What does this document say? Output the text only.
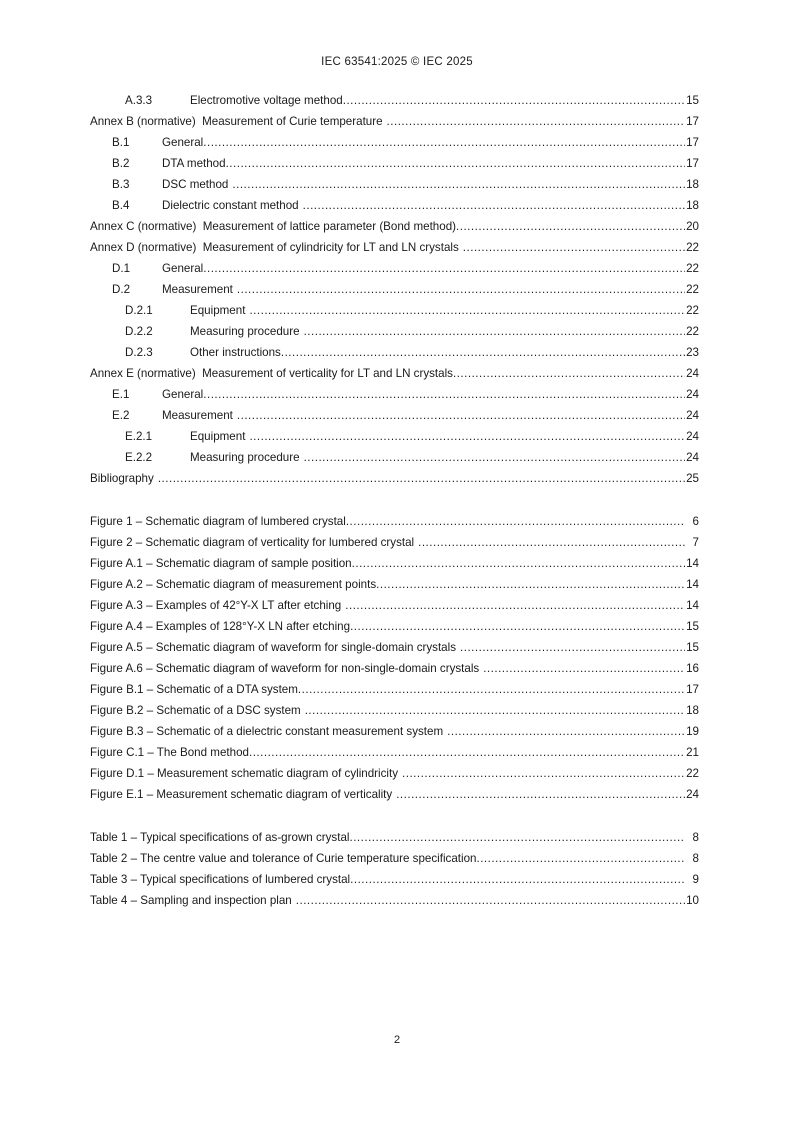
IEC 63541:2025 © IEC 2025
A.3.3	Electromotive voltage method .....	15
Annex B (normative)  Measurement of Curie temperature .....	17
B.1	General .....	17
B.2	DTA method .....	17
B.3	DSC method .....	18
B.4	Dielectric constant method .....	18
Annex C (normative)  Measurement of lattice parameter (Bond method) .....	20
Annex D (normative)  Measurement of cylindricity for LT and LN crystals .....	22
D.1	General .....	22
D.2	Measurement .....	22
D.2.1	Equipment .....	22
D.2.2	Measuring procedure .....	22
D.2.3	Other instructions .....	23
Annex E (normative)  Measurement of verticality for LT and LN crystals .....	24
E.1	General .....	24
E.2	Measurement .....	24
E.2.1	Equipment .....	24
E.2.2	Measuring procedure .....	24
Bibliography .....	25
Figure 1 – Schematic diagram of lumbered crystal .....	6
Figure 2 – Schematic diagram of verticality for lumbered crystal .....	7
Figure A.1 – Schematic diagram of sample position .....	14
Figure A.2 – Schematic diagram of measurement points .....	14
Figure A.3 – Examples of 42°Y-X LT after etching .....	14
Figure A.4 – Examples of 128°Y-X LN after etching .....	15
Figure A.5 – Schematic diagram of waveform for single-domain crystals .....	15
Figure A.6 – Schematic diagram of waveform for non-single-domain crystals .....	16
Figure B.1 – Schematic of a DTA system .....	17
Figure B.2 – Schematic of a DSC system .....	18
Figure B.3 – Schematic of a dielectric constant measurement system .....	19
Figure C.1 – The Bond method .....	21
Figure D.1 – Measurement schematic diagram of cylindricity .....	22
Figure E.1 – Measurement schematic diagram of verticality .....	24
Table 1 – Typical specifications of as-grown crystal .....	8
Table 2 – The centre value and tolerance of Curie temperature specification .....	8
Table 3 – Typical specifications of lumbered crystal .....	9
Table 4 – Sampling and inspection plan .....	10
2
